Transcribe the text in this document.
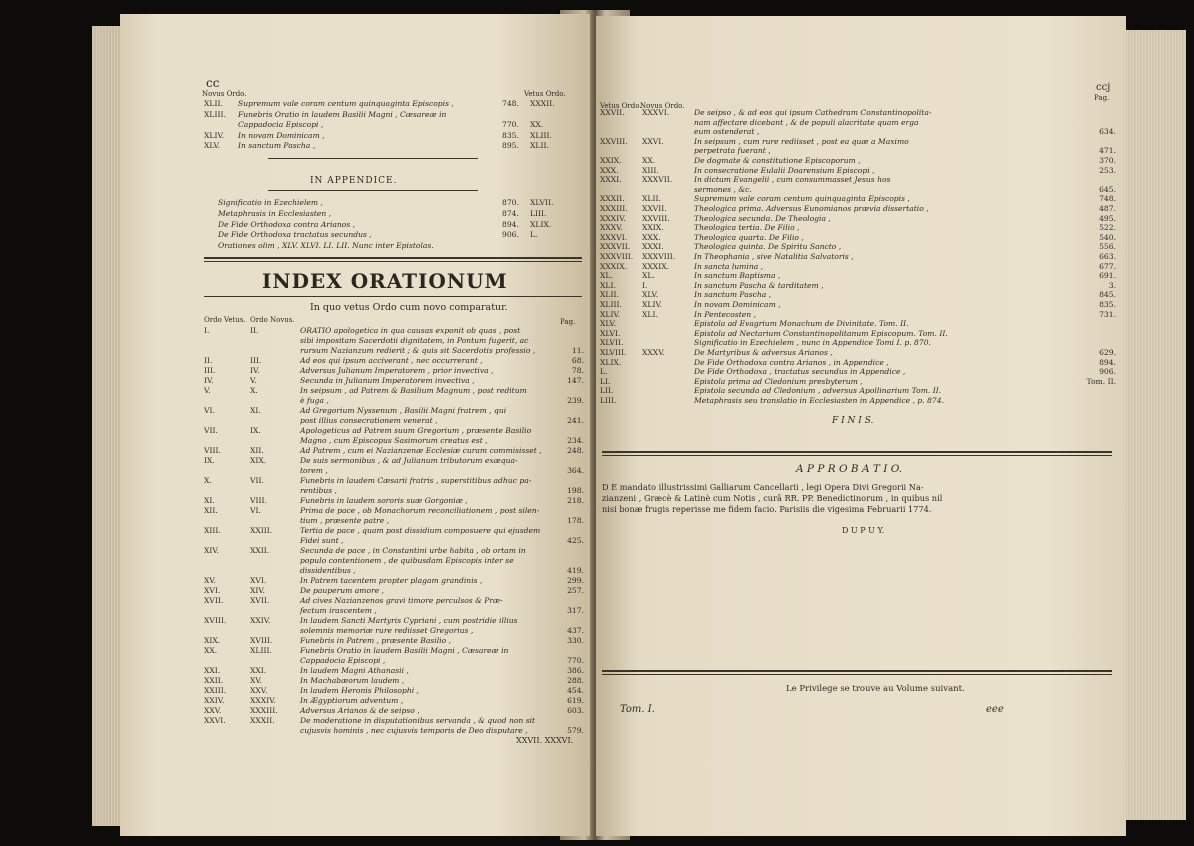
cc
Novus Ordo.	Vetus Ordo.
XLII. Supremum vale coram centum quinquaginta Episcopis ,	748. XXXII.
XLIII. Funebris Oratio in laudem Basilii Magni , Cæsareæ in
Cappadocia Episcopi ,	770. XX.
XLIV. In novam Dominicam ,	835. XLIII.
XLV. In sanctum Pascha ,	895. XLII.
IN APPENDICE.
Significatio in Ezechielem ,	870. XLVII.
Metaphrasis in Ecclesiasten ,	874. LIII.
De Fide Orthodoxa contra Arianos ,	894. XLIX.
De Fide Orthodoxa tractatus secundus ,	906. L.
Orationes olim , XLV. XLVI. LI. LII. Nunc inter Epistolas.
INDEX ORATIONUM
In quo vetus Ordo cum novo comparatur.
Ordo Vetus. Ordo Novus.	Pag.
I.	II.	ORATIO apologetica in qua causas exponit ob quas , post
sibi impositam Sacerdotii dignitatem, in Pontum fugerit, ac
rursum Nazianzum redierit ; & quis sit Sacerdotis professio ,	11.
II.	III.	Ad eos qui ipsum acciverant , nec occurrerant ,	68.
III.	IV.	Adversus Julianum Imperatorem , prior invectiva ,	78.
IV.	V.	Secunda in Julianum Imperatorem invectiva ,	147.
V.	X.	In seipsum , ad Patrem & Basilium Magnum , post reditum
è fuga ,	239.
VI.	XI.	Ad Gregorium Nyssenum , Basilii Magni fratrem , qui
post illius consecrationem venerat ,	241.
VII.	IX.	Apologeticus ad Patrem suum Gregorium , præsente Basilio
Magno , cum Episcopus Sasimorum creatus est ,	234.
VIII.	XII.	Ad Patrem , cum ei Nazianzenæ Ecclesiæ curam commisisset ,	248.
IX.	XIX.	De suis sermonibus , & ad Julianum tributorum exæqua-
torem ,	364.
X.	VII.	Funebris in laudem Cæsarii fratris , superstitibus adhuc pa-
rentibus ,	198.
XI.	VIII.	Funebris in laudem sororis suæ Gorgoniæ ,	218.
XII.	VI.	Prima de pace , ob Monachorum reconciliationem , post silen-
tium , præsente patre ,	178.
XIII.	XXIII.	Tertia de pace , quam post dissidium composuere qui ejusdem
Fidei sunt ,	425.
XIV.	XXII.	Secunda de pace , in Constantini urbe habita , ob ortam in
populo contentionem , de quibusdam Episcopis inter se
dissidentibus ,	419.
XV.	XVI.	In Patrem tacentem propter plagam grandinis ,	299.
XVI.	XIV.	De pauperum amore ,	257.
XVII.	XVII.	Ad cives Nazianzenos gravi timore perculsos & Præ-
fectum irascentem ,	317.
XVIII.	XXIV.	In laudem Sancti Martyris Cypriani , cum postridie illius
solemnis memoriæ rure rediisset Gregorius ,	437.
XIX.	XVIII.	Funebris in Patrem , præsente Basilio ,	330.
XX.	XLIII.	Funebris Oratio in laudem Basilii Magni , Cæsareæ in
Cappadocia Episcopi ,	770.
XXI.	XXI.	In laudem Magni Athanasii ,	386.
XXII.	XV.	In Machabæorum laudem ,	288.
XXIII.	XXV.	In laudem Heronis Philosophi ,	454.
XXIV.	XXXIV.	In Ægyptiorum adventum ,	619.
XXV.	XXXIII.	Adversus Arianos & de seipso ,	603.
XXVI.	XXXII.	De moderatione in disputationibus servanda , & quod non sit
cujusvis hominis , nec cujusvis temporis de Deo disputare ,	579.
XXVII. XXXVI.
ccj
Vetus Ordo.
Novus Ordo.
Pag.
XXVII. XXXVI.	De seipso , & ad eos qui ipsum Cathedram Constantinopolita-
nam affectare dicebant , & de populi alacritate quam erga
eum ostenderat ,	634.
XXVIII. XXVI.	In seipsum , cum rure rediisset , post ea quæ a Maximo
perpetrata fuerant ,	471.
XXIX.	XX.	De dogmate & constitutione Episcoporum ,	370.
XXX.	XIII.	In consecratione Eulalii Doarensium Episcopi ,	253.
XXXI.	XXXVII.	In dictum Evangelii , cum consummasset Jesus hos
sermones , &c.	645.
XXXII. XLII.	Supremum vale coram centum quinquaginta Episcopis ,	748.
XXXIII. XXVII.	Theologica prima. Adversus Eunomianos prævia dissertatio ,	487.
XXXIV. XXVIII.	Theologica secunda. De Theologia ,	495.
XXXV.	XXIX.	Theologica tertia. De Filio ,	522.
XXXVI. XXX.	Theologica quarta. De Filio ,	540.
XXXVII. XXXI.	Theologica quinta. De Spiritu Sancto ,	556.
XXXVIII. XXXVIII. In Theophania , sive Natalitia Salvatoris ,	663.
XXXIX. XXXIX.	In sancta lumina ,	677.
XL.	XL.	In sanctum Baptisma ,	691.
XLI.	I.	In sanctum Pascha & tarditatem ,	3.
XLII.	XLV.	In sanctum Pascha ,	845.
XLIII.	XLIV.	In novam Dominicam ,	835.
XLIV.	XLI.	In Pentecosten ,	731.
XLV.	Epistola ad Evagrium Monachum de Divinitate. Tom. II.
XLVI.	Epistola ad Nectarium Constantinopolitanum Episcopum. Tom. II.
XLVII.	Significatio in Ezechielem , nunc in Appendice Tomi I. p. 870.
XLVIII. XXXV.	De Martyribus & adversus Arianos ,	629.
XLIX.	De Fide Orthodoxa contra Arianos , in Appendice ,	894.
L.	De Fide Orthodoxa , tractatus secundus in Appendice ,	906.
LI.	Epistola prima ad Cledonium presbyterum ,	Tom. II.
LII.	Epistola secunda ad Cledonium , adversus Apollinarium Tom. II.
LIII.	Metaphrasis seu translatio in Ecclesiasten in Appendice , p. 874.
F I N I S.
A P P R O B A T I O.
D E mandato illustrissimi Galliarum Cancellarii , legi Opera Divi Gregorii Na-
zianzeni , Græcè & Latinè cum Notis , curâ RR. PP. Benedictinorum , in quibus nil
nisi bonæ frugis reperisse me fidem facio. Parisiis die vigesima Februarii 1774.
D U P U Y.
Le Privilege se trouve au Volume suivant.
Tom. I.	eee
